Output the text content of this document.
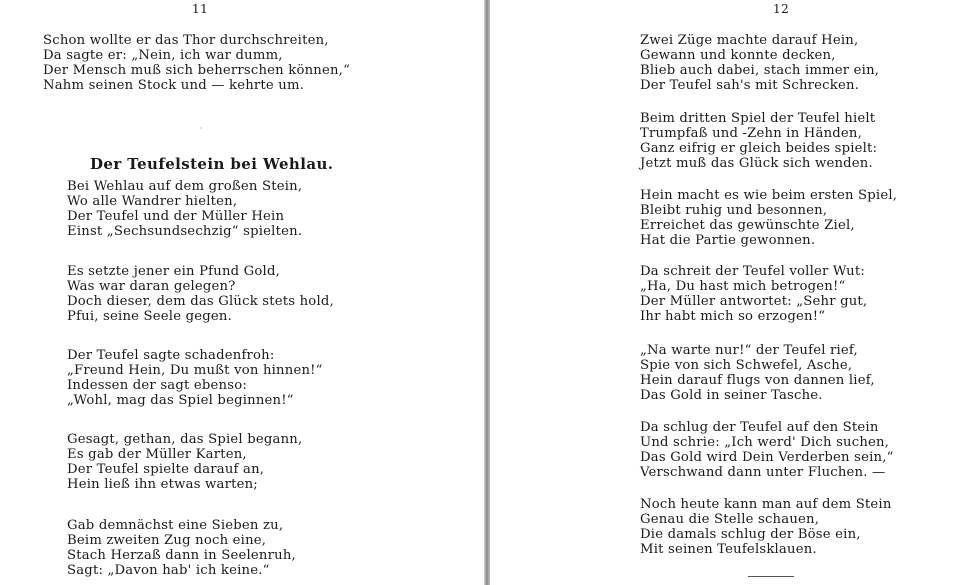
11
Schon wollte er das Thor durchschreiten,
Da sagte er: „Nein, ich war dumm,
Der Mensch muß sich beherrschen können,“
Nahm seinen Stock und — kehrte um.
·
Der Teufelstein bei Wehlau.
Bei Wehlau auf dem großen Stein,
Wo alle Wandrer hielten,
Der Teufel und der Müller Hein
Einst „Sechsundsechzig“ spielten.
Es setzte jener ein Pfund Gold,
Was war daran gelegen?
Doch dieser, dem das Glück stets hold,
Pfui, seine Seele gegen.
Der Teufel sagte schadenfroh:
„Freund Hein, Du mußt von hinnen!“
Indessen der sagt ebenso:
„Wohl, mag das Spiel beginnen!“
Gesagt, gethan, das Spiel begann,
Es gab der Müller Karten,
Der Teufel spielte darauf an,
Hein ließ ihn etwas warten;
Gab demnächst eine Sieben zu,
Beim zweiten Zug noch eine,
Stach Herzaß dann in Seelenruh,
Sagt: „Davon hab' ich keine.“
12
Zwei Züge machte darauf Hein,
Gewann und konnte decken,
Blieb auch dabei, stach immer ein,
Der Teufel sah's mit Schrecken.
Beim dritten Spiel der Teufel hielt
Trumpfaß und -Zehn in Händen,
Ganz eifrig er gleich beides spielt:
Jetzt muß das Glück sich wenden.
Hein macht es wie beim ersten Spiel,
Bleibt ruhig und besonnen,
Erreichet das gewünschte Ziel,
Hat die Partie gewonnen.
Da schreit der Teufel voller Wut:
„Ha, Du hast mich betrogen!“
Der Müller antwortet: „Sehr gut,
Ihr habt mich so erzogen!“
„Na warte nur!“ der Teufel rief,
Spie von sich Schwefel, Asche,
Hein darauf flugs von dannen lief,
Das Gold in seiner Tasche.
Da schlug der Teufel auf den Stein
Und schrie: „Ich werd' Dich suchen,
Das Gold wird Dein Verderben sein,“
Verschwand dann unter Fluchen. —
Noch heute kann man auf dem Stein
Genau die Stelle schauen,
Die damals schlug der Böse ein,
Mit seinen Teufelsklauen.
